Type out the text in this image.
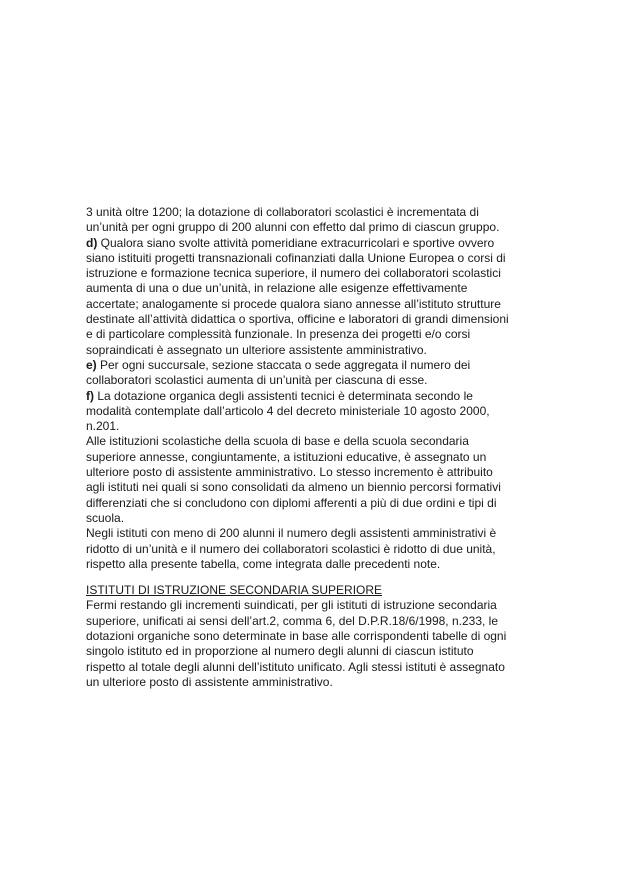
3 unità oltre 1200; la dotazione di collaboratori scolastici è incrementata di
un’unità per ogni gruppo di 200 alunni con effetto dal primo di ciascun gruppo.
d) Qualora siano svolte attività pomeridiane extracurricolari e sportive ovvero
siano istituiti progetti transnazionali cofinanziati dalla Unione Europea o corsi di
istruzione e formazione tecnica superiore, il numero dei collaboratori scolastici
aumenta di una o due un’unità, in relazione alle esigenze effettivamente
accertate; analogamente si procede qualora siano annesse all’istituto strutture
destinate all’attività didattica o sportiva, officine e laboratori di grandi dimensioni
e di particolare complessità funzionale. In presenza dei progetti e/o corsi
sopraindicati è assegnato un ulteriore assistente amministrativo.
e) Per ogni succursale, sezione staccata o sede aggregata il numero dei
collaboratori scolastici aumenta di un’unità per ciascuna di esse.
f) La dotazione organica degli assistenti tecnici è determinata secondo le
modalità contemplate dall’articolo 4 del decreto ministeriale 10 agosto 2000,
n.201.
Alle istituzioni scolastiche della scuola di base e della scuola secondaria
superiore annesse, congiuntamente, a istituzioni educative, è assegnato un
ulteriore posto di assistente amministrativo. Lo stesso incremento è attribuito
agli istituti nei quali si sono consolidati da almeno un biennio percorsi formativi
differenziati che si concludono con diplomi afferenti a più di due ordini e tipi di
scuola.
Negli istituti con meno di 200 alunni il numero degli assistenti amministrativi è
ridotto di un’unità e il numero dei collaboratori scolastici è ridotto di due unità,
rispetto alla presente tabella, come integrata dalle precedenti note.
ISTITUTI DI ISTRUZIONE SECONDARIA SUPERIORE
Fermi restando gli incrementi suindicati, per gli istituti di istruzione secondaria
superiore, unificati ai sensi dell’art.2, comma 6, del D.P.R.18/6/1998, n.233, le
dotazioni organiche sono determinate in base alle corrispondenti tabelle di ogni
singolo istituto ed in proporzione al numero degli alunni di ciascun istituto
rispetto al totale degli alunni dell’istituto unificato. Agli stessi istituti è assegnato
un ulteriore posto di assistente amministrativo.
